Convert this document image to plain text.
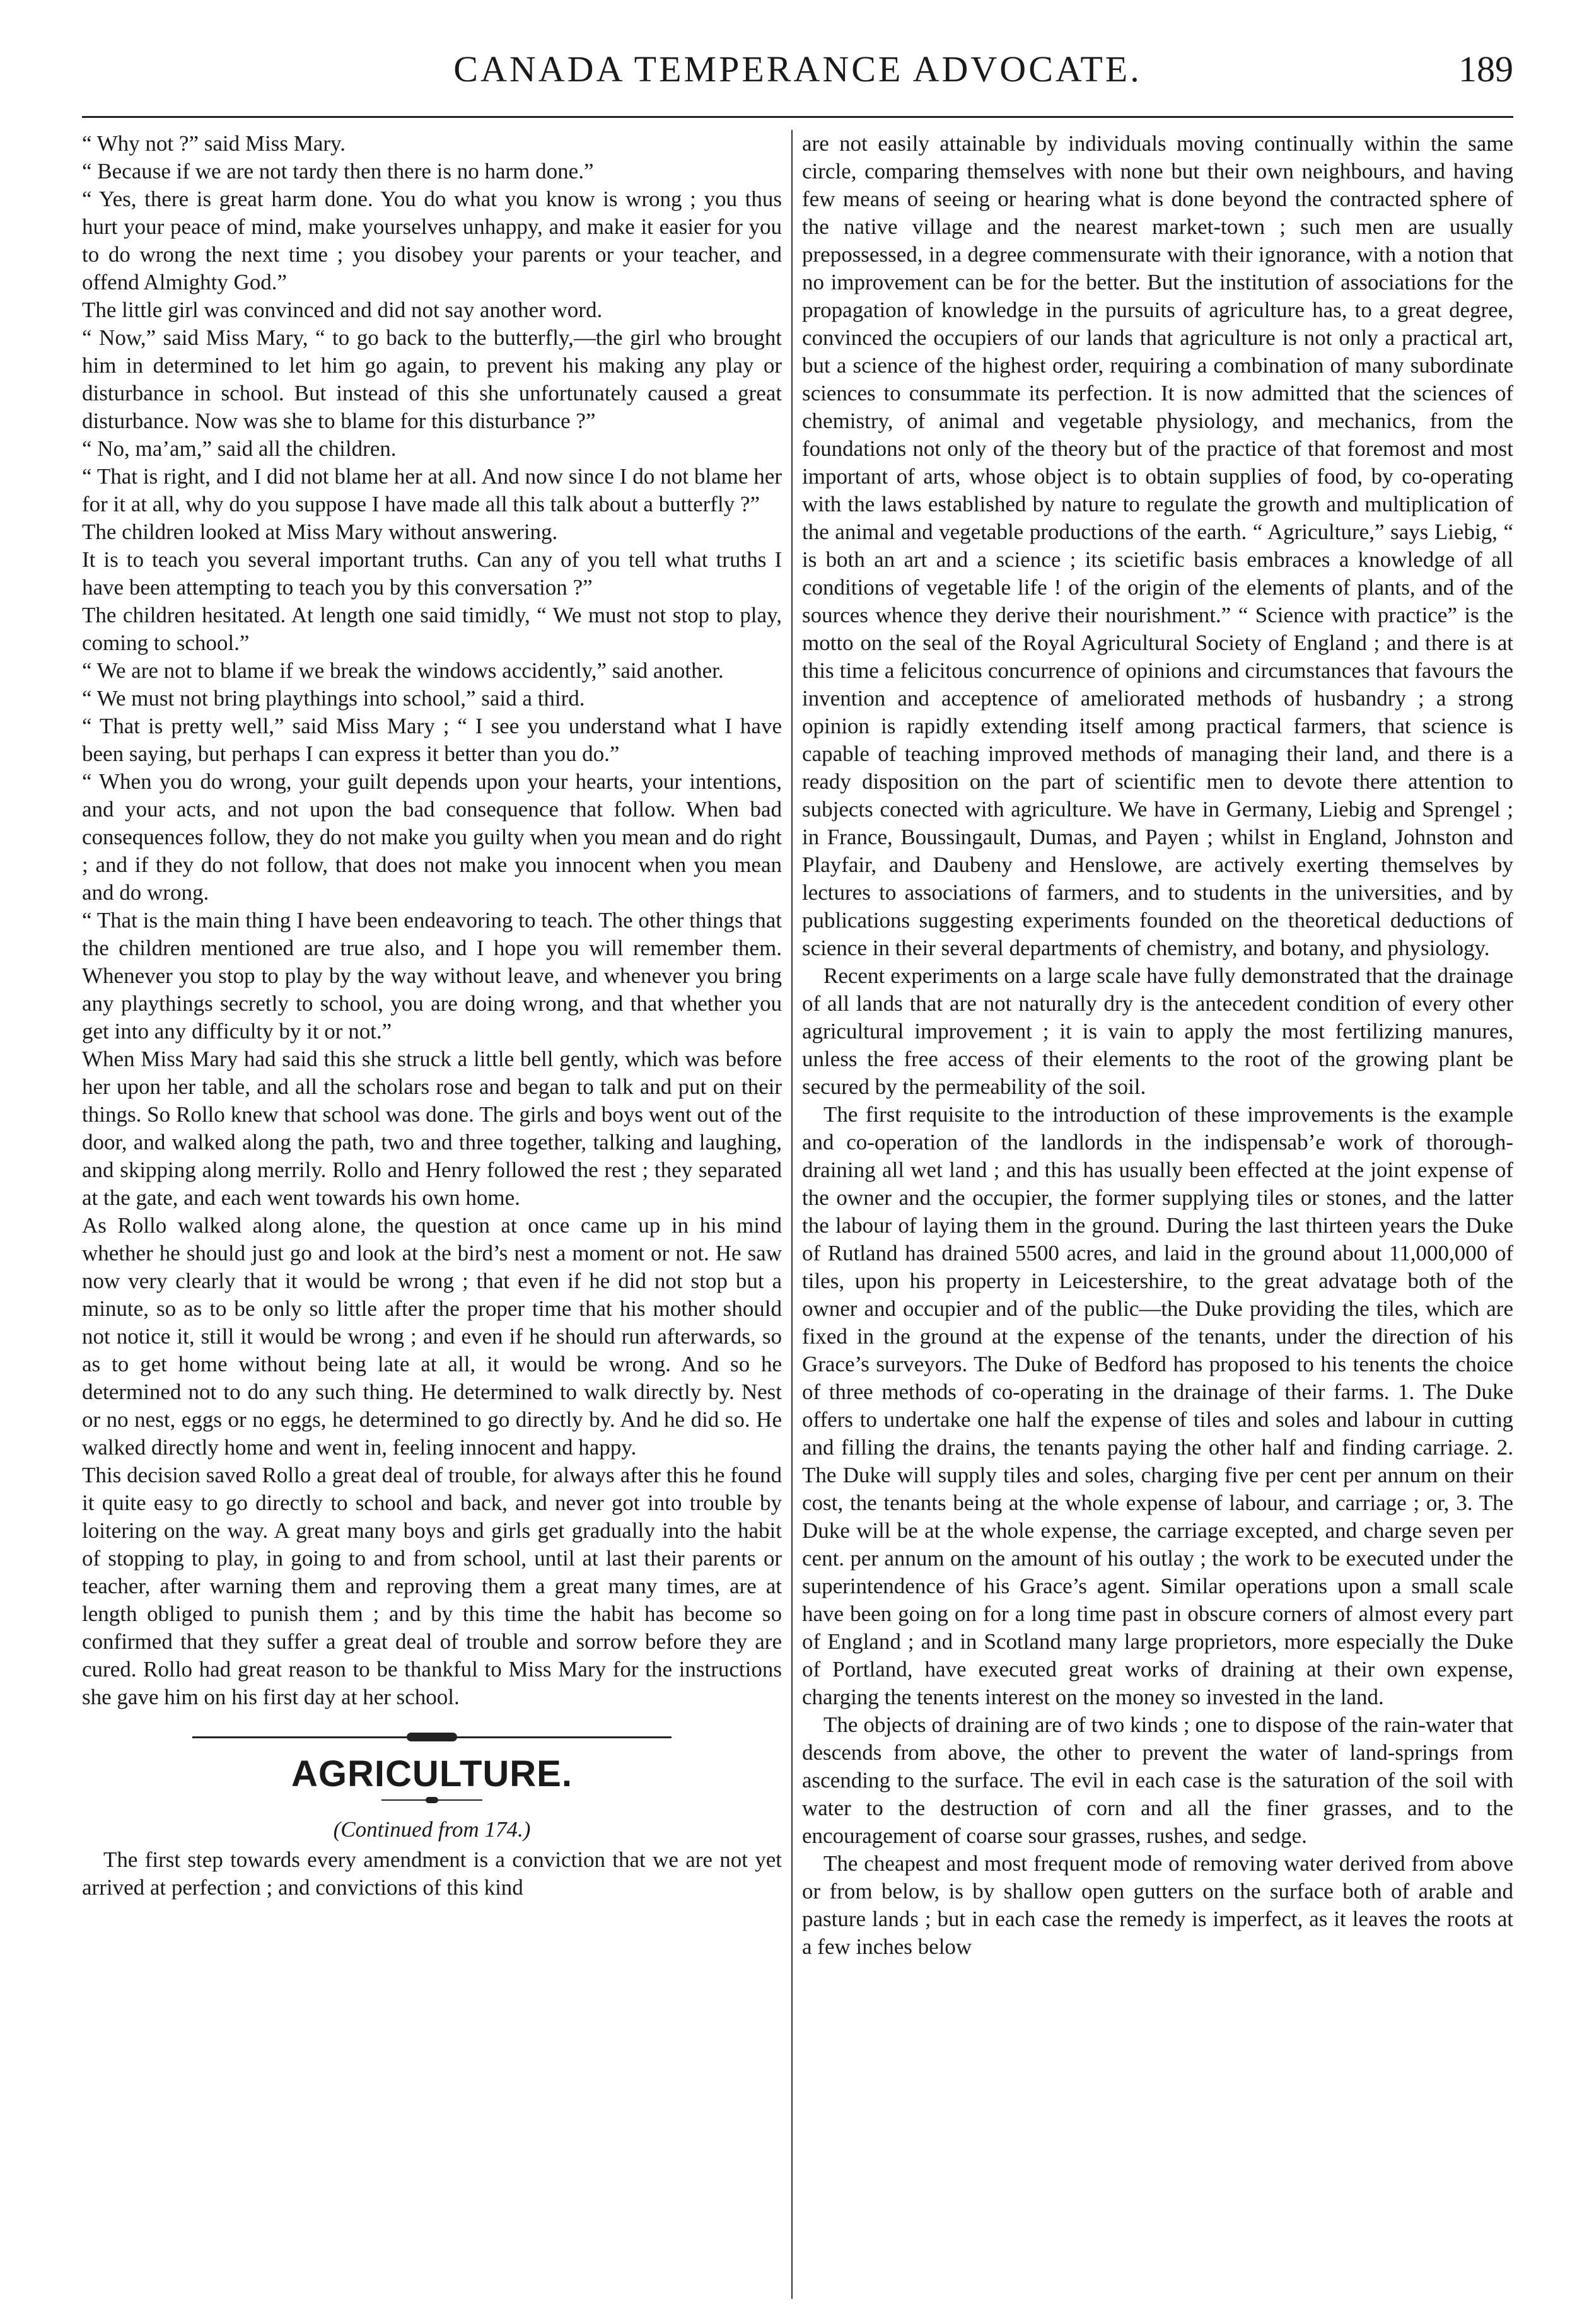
CANADA TEMPERANCE ADVOCATE.	189

“ Why not ?” said Miss Mary.

“ Because if we are not tardy then there is no harm done.”

“ Yes, there is great harm done. You do what you know is wrong ; you thus hurt your peace of mind, make yourselves unhappy, and make it easier for you to do wrong the next time ; you disobey your parents or your teacher, and offend Almighty God.”

The little girl was convinced and did not say another word.

“ Now,” said Miss Mary, “ to go back to the butterfly,—the girl who brought him in determined to let him go again, to prevent his making any play or disturbance in school. But instead of this she unfortunately caused a great disturbance. Now was she to blame for this disturbance ?”

“ No, ma’am,” said all the children.

“ That is right, and I did not blame her at all. And now since I do not blame her for it at all, why do you suppose I have made all this talk about a butterfly ?”

The children looked at Miss Mary without answering.

It is to teach you several important truths. Can any of you tell what truths I have been attempting to teach you by this conversation ?”

The children hesitated. At length one said timidly, “ We must not stop to play, coming to school.”

“ We are not to blame if we break the windows accidently,” said another.

“ We must not bring playthings into school,” said a third.

“ That is pretty well,” said Miss Mary ; “ I see you understand what I have been saying, but perhaps I can express it better than you do.”

“ When you do wrong, your guilt depends upon your hearts, your intentions, and your acts, and not upon the bad consequence that follow. When bad consequences follow, they do not make you guilty when you mean and do right ; and if they do not follow, that does not make you innocent when you mean and do wrong.

“ That is the main thing I have been endeavoring to teach. The other things that the children mentioned are true also, and I hope you will remember them. Whenever you stop to play by the way without leave, and whenever you bring any playthings secretly to school, you are doing wrong, and that whether you get into any difficulty by it or not.”

When Miss Mary had said this she struck a little bell gently, which was before her upon her table, and all the scholars rose and began to talk and put on their things. So Rollo knew that school was done. The girls and boys went out of the door, and walked along the path, two and three together, talking and laughing, and skipping along merrily. Rollo and Henry followed the rest ; they separated at the gate, and each went towards his own home.

As Rollo walked along alone, the question at once came up in his mind whether he should just go and look at the bird’s nest a moment or not. He saw now very clearly that it would be wrong ; that even if he did not stop but a minute, so as to be only so little after the proper time that his mother should not notice it, still it would be wrong ; and even if he should run afterwards, so as to get home without being late at all, it would be wrong. And so he determined not to do any such thing. He determined to walk directly by. Nest or no nest, eggs or no eggs, he determined to go directly by. And he did so. He walked directly home and went in, feeling innocent and happy.

This decision saved Rollo a great deal of trouble, for always after this he found it quite easy to go directly to school and back, and never got into trouble by loitering on the way. A great many boys and girls get gradually into the habit of stopping to play, in going to and from school, until at last their parents or teacher, after warning them and reproving them a great many times, are at length obliged to punish them ; and by this time the habit has become so confirmed that they suffer a great deal of trouble and sorrow before they are cured. Rollo had great reason to be thankful to Miss Mary for the instructions she gave him on his first day at her school.

AGRICULTURE.
(Continued from 174.)

The first step towards every amendment is a conviction that we are not yet arrived at perfection ; and convictions of this kind

are not easily attainable by individuals moving continually within the same circle, comparing themselves with none but their own neighbours, and having few means of seeing or hearing what is done beyond the contracted sphere of the native village and the nearest market-town ; such men are usually prepossessed, in a degree commensurate with their ignorance, with a notion that no improvement can be for the better. But the institution of associations for the propagation of knowledge in the pursuits of agriculture has, to a great degree, convinced the occupiers of our lands that agriculture is not only a practical art, but a science of the highest order, requiring a combination of many subordinate sciences to consummate its perfection. It is now admitted that the sciences of chemistry, of animal and vegetable physiology, and mechanics, from the foundations not only of the theory but of the practice of that foremost and most important of arts, whose object is to obtain supplies of food, by co-operating with the laws established by nature to regulate the growth and multiplication of the animal and vegetable productions of the earth. “ Agriculture,” says Liebig, “ is both an art and a science ; its scietific basis embraces a knowledge of all conditions of vegetable life ! of the origin of the elements of plants, and of the sources whence they derive their nourishment.” “ Science with practice” is the motto on the seal of the Royal Agricultural Society of England ; and there is at this time a felicitous concurrence of opinions and circumstances that favours the invention and acceptence of ameliorated methods of husbandry ; a strong opinion is rapidly extending itself among practical farmers, that science is capable of teaching improved methods of managing their land, and there is a ready disposition on the part of scientific men to devote there attention to subjects conected with agriculture. We have in Germany, Liebig and Sprengel ; in France, Boussingault, Dumas, and Payen ; whilst in England, Johnston and Playfair, and Daubeny and Henslowe, are actively exerting themselves by lectures to associations of farmers, and to students in the universities, and by publications suggesting experiments founded on the theoretical deductions of science in their several departments of chemistry, and botany, and physiology.

Recent experiments on a large scale have fully demonstrated that the drainage of all lands that are not naturally dry is the antecedent condition of every other agricultural improvement ; it is vain to apply the most fertilizing manures, unless the free access of their elements to the root of the growing plant be secured by the permeability of the soil.

The first requisite to the introduction of these improvements is the example and co-operation of the landlords in the indispensab’e work of thorough-draining all wet land ; and this has usually been effected at the joint expense of the owner and the occupier, the former supplying tiles or stones, and the latter the labour of laying them in the ground. During the last thirteen years the Duke of Rutland has drained 5500 acres, and laid in the ground about 11,000,000 of tiles, upon his property in Leicestershire, to the great advatage both of the owner and occupier and of the public—the Duke providing the tiles, which are fixed in the ground at the expense of the tenants, under the direction of his Grace’s surveyors. The Duke of Bedford has proposed to his tenents the choice of three methods of co-operating in the drainage of their farms. 1. The Duke offers to undertake one half the expense of tiles and soles and labour in cutting and filling the drains, the tenants paying the other half and finding carriage. 2. The Duke will supply tiles and soles, charging five per cent per annum on their cost, the tenants being at the whole expense of labour, and carriage ; or, 3. The Duke will be at the whole expense, the carriage excepted, and charge seven per cent. per annum on the amount of his outlay ; the work to be executed under the superintendence of his Grace’s agent. Similar operations upon a small scale have been going on for a long time past in obscure corners of almost every part of England ; and in Scotland many large proprietors, more especially the Duke of Portland, have executed great works of draining at their own expense, charging the tenents interest on the money so invested in the land.

The objects of draining are of two kinds ; one to dispose of the rain-water that descends from above, the other to prevent the water of land-springs from ascending to the surface. The evil in each case is the saturation of the soil with water to the destruction of corn and all the finer grasses, and to the encouragement of coarse sour grasses, rushes, and sedge.

The cheapest and most frequent mode of removing water derived from above or from below, is by shallow open gutters on the surface both of arable and pasture lands ; but in each case the remedy is imperfect, as it leaves the roots at a few inches below
